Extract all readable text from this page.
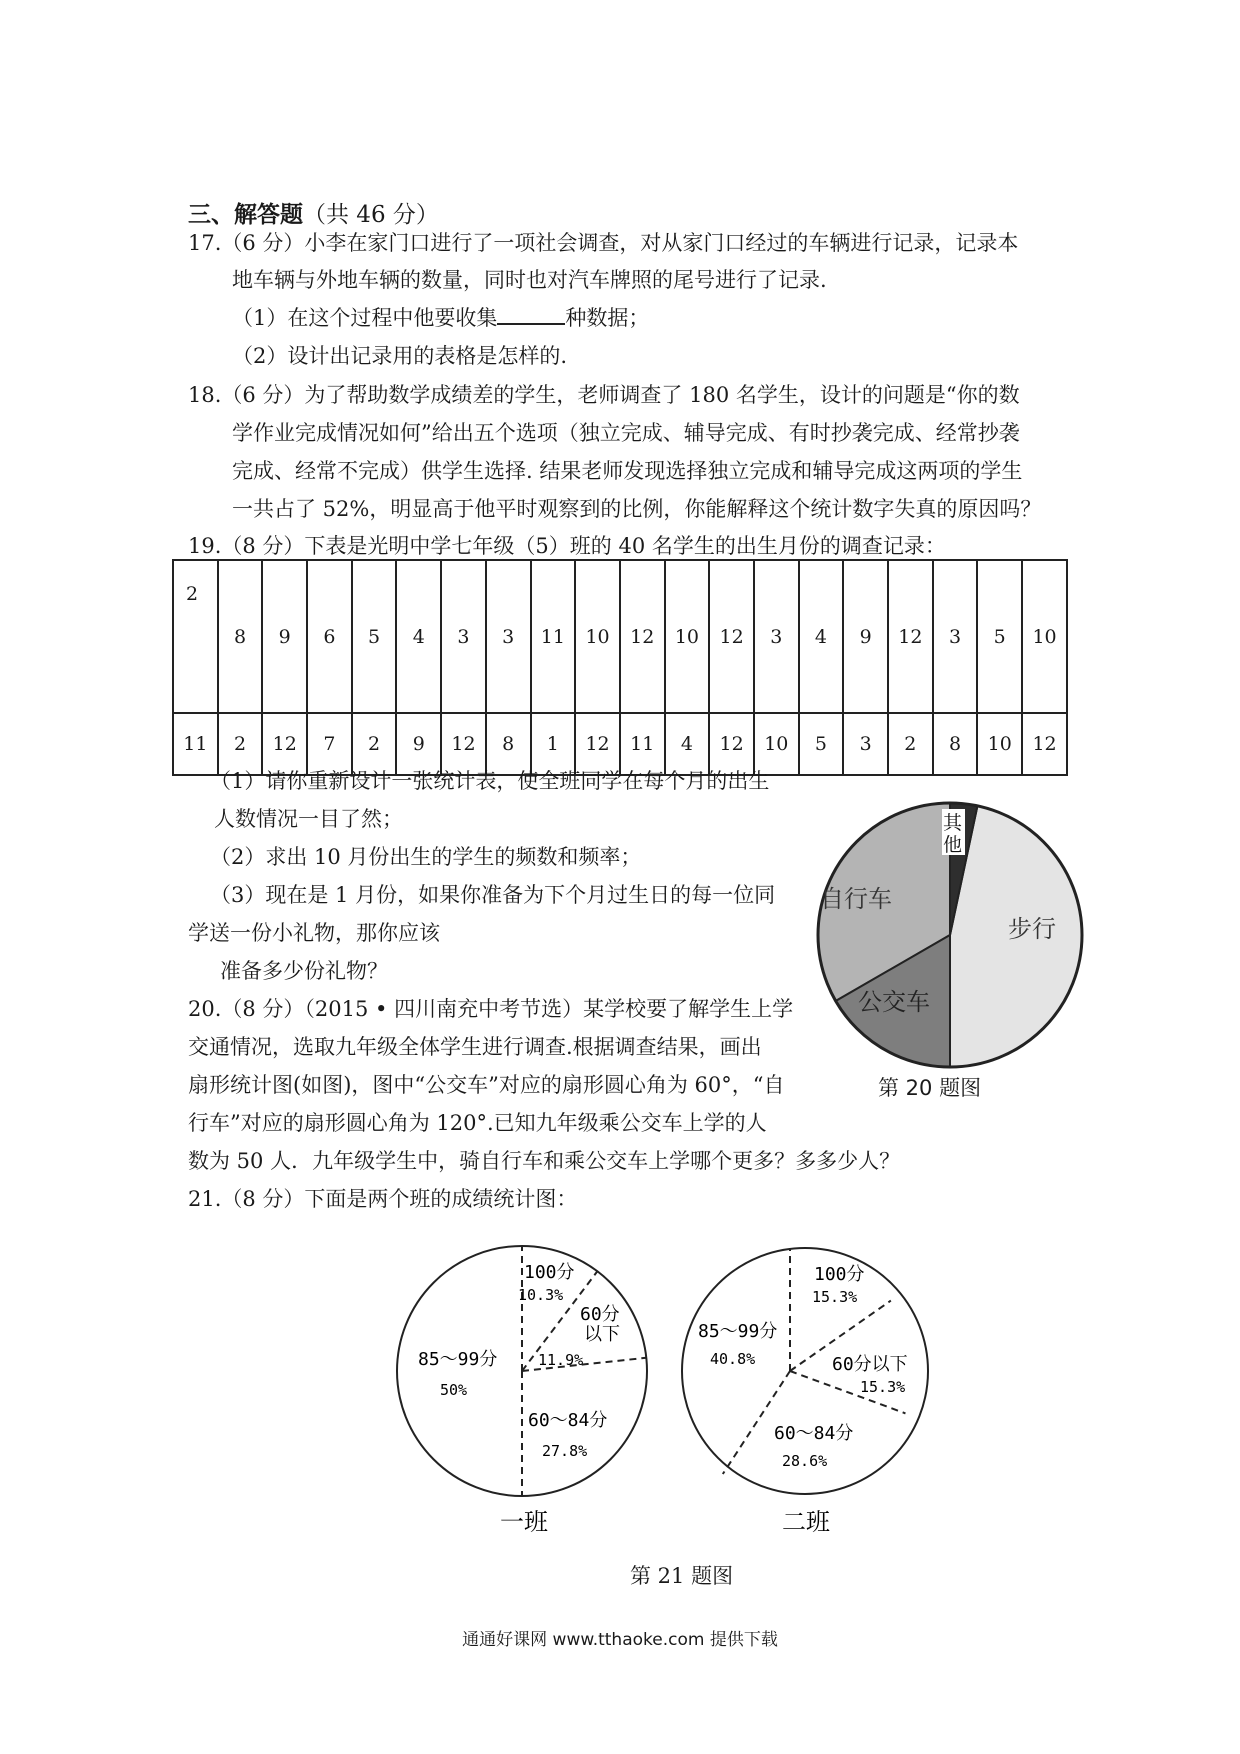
三、解答题（共 46 分）
17.（6 分）小李在家门口进行了一项社会调查，对从家门口经过的车辆进行记录，记录本
地车辆与外地车辆的数量，同时也对汽车牌照的尾号进行了记录.
（1）在这个过程中他要收集	种数据；
（2）设计出记录用的表格是怎样的.
18.（6 分）为了帮助数学成绩差的学生，老师调查了 180 名学生，设计的问题是“你的数
学作业完成情况如何”给出五个选项（独立完成、辅导完成、有时抄袭完成、经常抄袭
完成、经常不完成）供学生选择. 结果老师发现选择独立完成和辅导完成这两项的学生
一共占了 52%，明显高于他平时观察到的比例，你能解释这个统计数字失真的原因吗？
19.（8 分）下表是光明中学七年级（5）班的 40 名学生的出生月份的调查记录：
2	8	9	6	5	4	3	3	11	10	12	10	12	3	4	9	12	3	5	10
11	2	12	7	2	9	12	8	1	12	11	4	12	10	5	3	2	8	10	12
（1）请你重新设计一张统计表，使全班同学在每个月的出生
人数情况一目了然；
（2）求出 10 月份出生的学生的频数和频率；
（3）现在是 1 月份，如果你准备为下个月过生日的每一位同
学送一份小礼物，那你应该
准备多少份礼物？
20.（8 分）（2015 • 四川南充中考节选）某学校要了解学生上学
交通情况，选取九年级全体学生进行调查.根据调查结果，画出
扇形统计图(如图)，图中“公交车”对应的扇形圆心角为 60°，“自
行车”对应的扇形圆心角为 120°.已知九年级乘公交车上学的人
数为 50 人．九年级学生中，骑自行车和乘公交车上学哪个更多？多多少人？
步行
自行车
公交车
其
他
第 20 题图
21.（8 分）下面是两个班的成绩统计图：
100分
10.3%
60分
以下
11.9%
60～84分
27.8%
85～99分
50%
一班
100分
15.3%
60分以下
15.3%
60～84分
28.6%
85～99分
40.8%
二班
第 21 题图
通通好课网 www.tthaoke.com 提供下载
